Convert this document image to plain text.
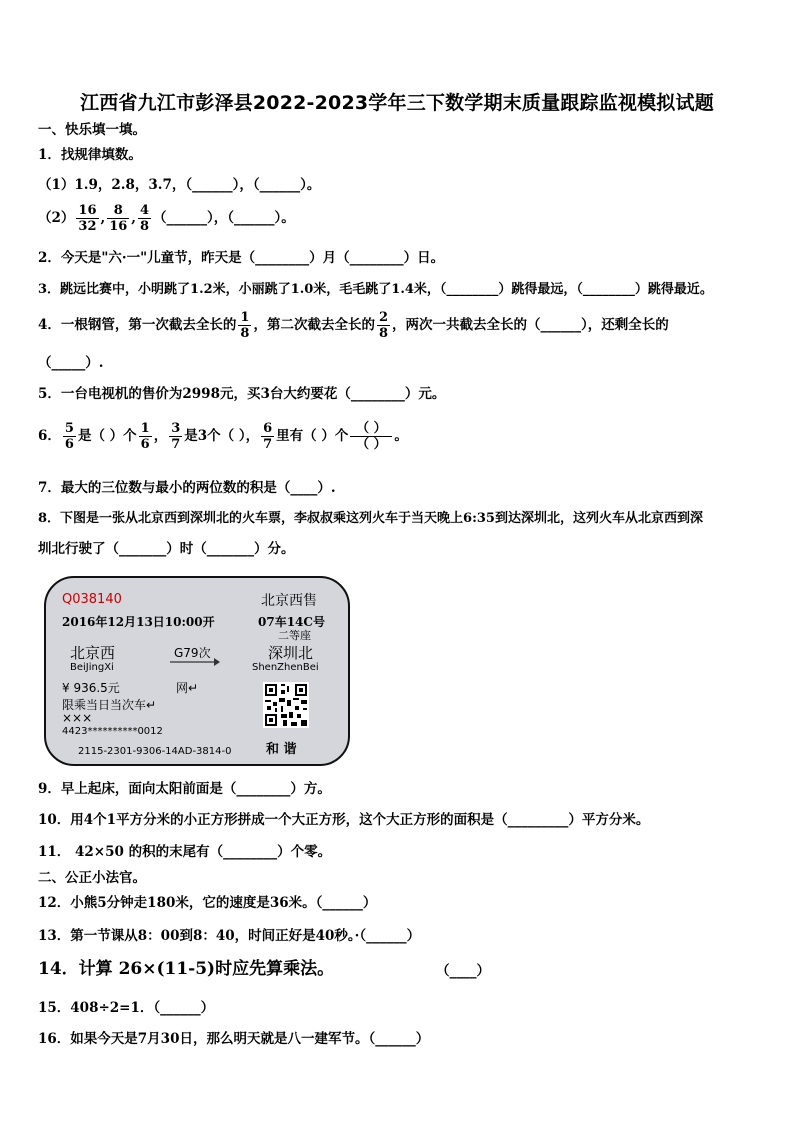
江西省九江市彭泽县2022-2023学年三下数学期末质量跟踪监视模拟试题
一、快乐填一填。
1．找规律填数。
（1）1.9，2.8，3.7，（______），（______）。
$(2) \frac{16}{32}$ , $\frac{8}{16}$ , $\frac{4}{8}$ （______），（______）。
2．今天是"六·一"儿童节，昨天是（________）月（________）日。
3．跳远比赛中，小明跳了1.2米，小丽跳了1.0米，毛毛跳了1.4米，（________）跳得最远，（________）跳得最近。
4．一根钢管，第一次截去全长的 $\frac{1}{8}$ ，第二次截去全长的 $\frac{2}{8}$ ，两次一共截去全长的（______），还剩全长的
（_____）.
5．一台电视机的售价为2998元，买3台大约要花（________）元。
6． $\frac{5}{6}$ 是（ ）个 $\frac{1}{6}$ ， $\frac{3}{7}$ 是3个（ ）， $\frac{6}{7}$ 里有（ ）个 $\frac{( )}{( )}$ 。
7．最大的三位数与最小的两位数的积是（____）.
8．下图是一张从北京西到深圳北的火车票，李叔叔乘这列火车于当天晚上6:35到达深圳北，这列火车从北京西到深
圳北行驶了（_______）时（_______）分。
Q038140	北京西售
2016年12月13日10:00开	07车14C号
二等座
北京西
BeiJingXi
G79次	深圳北
ShenZhenBei
¥ 936.5元	网↵
限乘当日当次车↵
×××
4423**********0012
2115-2301-9306-14AD-3814-0	和 谐
9．早上起床，面向太阳前面是（________）方。
10．用4个1平方分米的小正方形拼成一个大正方形，这个大正方形的面积是（_________）平方分米。
11． 42×50 的积的末尾有（________）个零。
二、公正小法官。
12．小熊5分钟走180米，它的速度是36米。（______）
13．第一节课从8：00到8：40，时间正好是40秒。·（______）
14．计算 26×(11-5)时应先算乘法。	（____）
15．408÷2=1．（______）
16．如果今天是7月30日，那么明天就是八一建军节。（______）
